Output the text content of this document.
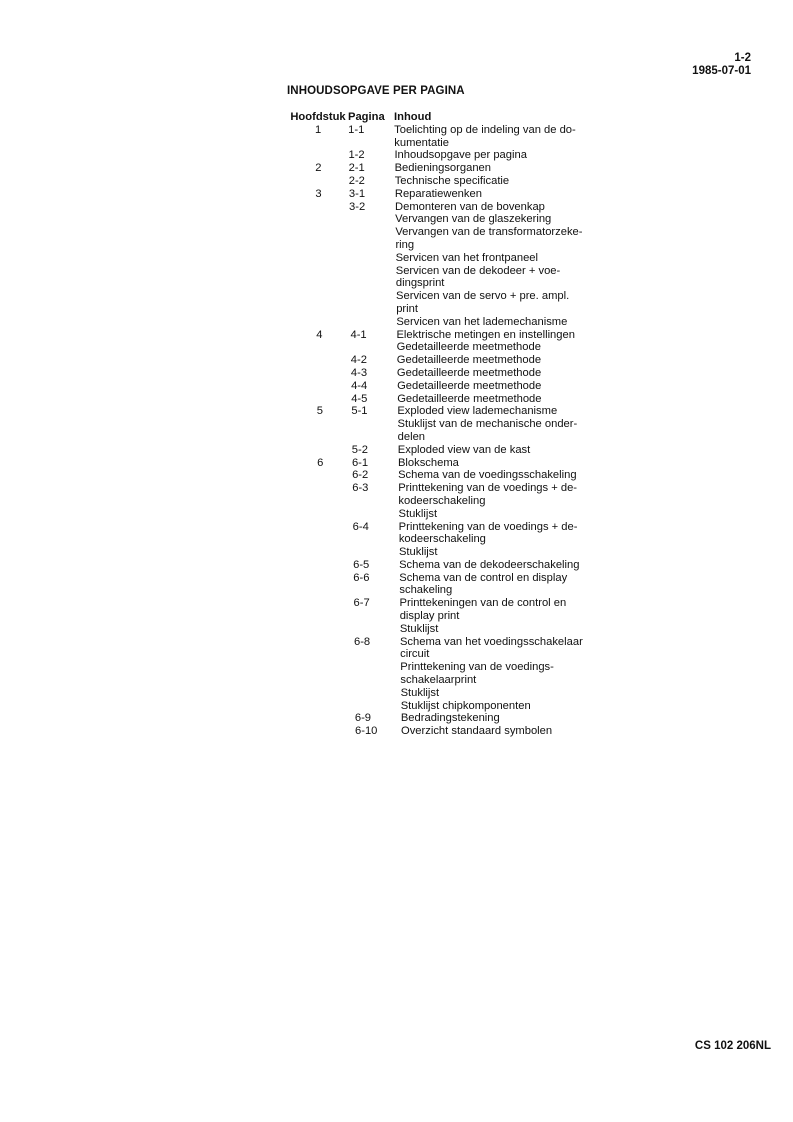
1-2
1985-07-01
INHOUDSOPGAVE PER PAGINA
Hoofdstuk Pagina Inhoud
1	1-1	Toelichting op de indeling van de do-
kumentatie
1-2	Inhoudsopgave per pagina
2	2-1	Bedieningsorganen
2-2	Technische specificatie
3	3-1	Reparatiewenken
3-2	Demonteren van de bovenkap
Vervangen van de glaszekering
Vervangen van de transformatorzeke-
ring
Servicen van het frontpaneel
Servicen van de dekodeer + voe-
dingsprint
Servicen van de servo + pre. ampl.
print
Servicen van het lademechanisme
4	4-1	Elektrische metingen en instellingen
Gedetailleerde meetmethode
4-2	Gedetailleerde meetmethode
4-3	Gedetailleerde meetmethode
4-4	Gedetailleerde meetmethode
4-5	Gedetailleerde meetmethode
5	5-1	Exploded view lademechanisme
Stuklijst van de mechanische onder-
delen
5-2	Exploded view van de kast
6	6-1	Blokschema
6-2	Schema van de voedingsschakeling
6-3	Printtekening van de voedings + de-
kodeerschakeling
Stuklijst
6-4	Printtekening van de voedings + de-
kodeerschakeling
Stuklijst
6-5	Schema van de dekodeerschakeling
6-6	Schema van de control en display
schakeling
6-7	Printtekeningen van de control en
display print
Stuklijst
6-8	Schema van het voedingsschakelaar
circuit
Printtekening van de voedings-
schakelaarprint
Stuklijst
Stuklijst chipkomponenten
6-9	Bedradingstekening
6-10	Overzicht standaard symbolen
CS 102 206NL
